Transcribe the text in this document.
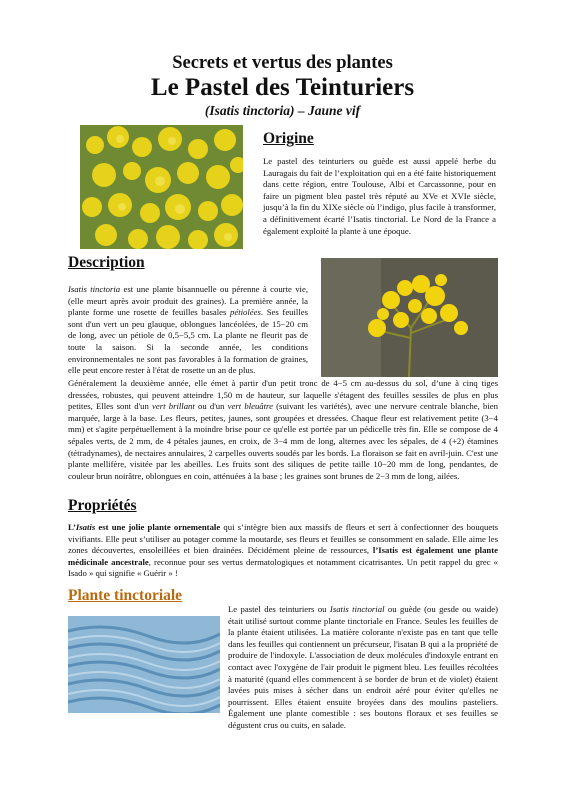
Secrets et vertus des plantes
Le Pastel des Teinturiers
(Isatis tinctoria) – Jaune vif
Origine
Le pastel des teinturiers ou guède est aussi appelé herbe du Lauragais du fait de l’exploitation qui en a été faite historiquement dans cette région, entre Toulouse, Albi et Carcassonne, pour en faire un pigment bleu pastel très réputé au XVe et XVIe siècle, jusqu’à la fin du XIXe siècle où l’indigo, plus facile à transformer, a définitivement écarté l’Isatis tinctorial. Le Nord de la France a également exploité la plante à une époque.
Description
Isatis tinctoria est une plante bisannuelle ou pérenne à courte vie, (elle meurt après avoir produit des graines). La première année, la plante forme une rosette de feuilles basales pétiolées. Ses feuilles sont d'un vert un peu glauque, oblongues lancéolées, de 15−20 cm de long, avec un pétiole de 0,5−5,5 cm. La plante ne fleurit pas de toute la saison. Si la seconde année, les conditions environnementales ne sont pas favorables à la formation de graines, elle peut encore rester à l'état de rosette un an de plus.
Généralement la deuxième année, elle émet à partir d'un petit tronc de 4−5 cm au-dessus du sol, d’une à cinq tiges dressées, robustes, qui peuvent atteindre 1,50 m de hauteur, sur laquelle s'étagent des feuilles sessiles de plus en plus petites, Elles sont d'un vert brillant ou d'un vert bleuâtre (suivant les variétés), avec une nervure centrale blanche, bien marquée, large à la base. Les fleurs, petites, jaunes, sont groupées et dressées. Chaque fleur est relativement petite (3−4 mm) et s'agite perpétuellement à la moindre brise pour ce qu'elle est portée par un pédicelle très fin. Elle se compose de 4 sépales verts, de 2 mm, de 4 pétales jaunes, en croix, de 3−4 mm de long, alternes avec les sépales, de 4 (+2) étamines (tétradynames), de nectaires annulaires, 2 carpelles ouverts soudés par les bords. La floraison se fait en avril-juin. C'est une plante mellifère, visitée par les abeilles. Les fruits sont des siliques de petite taille 10−20 mm de long, pendantes, de couleur brun noirâtre, oblongues en coin, atténuées à la base ; les graines sont brunes de 2−3 mm de long, ailées.
Propriétés
L’Isatis est une jolie plante ornementale qui s’intègre bien aux massifs de fleurs et sert à confectionner des bouquets vivifiants. Elle peut s’utiliser au potager comme la moutarde, ses fleurs et feuilles se consomment en salade. Elle aime les zones découvertes, ensoleillées et bien drainées. Décidément pleine de ressources, l’Isatis est également une plante médicinale ancestrale, reconnue pour ses vertus dermatologiques et notamment cicatrisantes. Un petit rappel du grec « Isado » qui signifie « Guérir » !
Plante tinctoriale
Le pastel des teinturiers ou Isatis tinctorial ou guède (ou gesde ou waide) était utilisé surtout comme plante tinctoriale en France. Seules les feuilles de la plante étaient utilisées. La matière colorante n'existe pas en tant que telle dans les feuilles qui contiennent un précurseur, l'isatan B qui a la propriété de produire de l'indoxyle. L'association de deux molécules d'indoxyle entrant en contact avec l'oxygène de l'air produit le pigment bleu. Les feuilles récoltées à maturité (quand elles commencent à se border de brun et de violet) étaient lavées puis mises à sécher dans un endroit aéré pour éviter qu'elles ne pourrissent. Elles étaient ensuite broyées dans des moulins pasteliers. Également une plante comestible : ses boutons floraux et ses feuilles se dégustent crus ou cuits, en salade.
